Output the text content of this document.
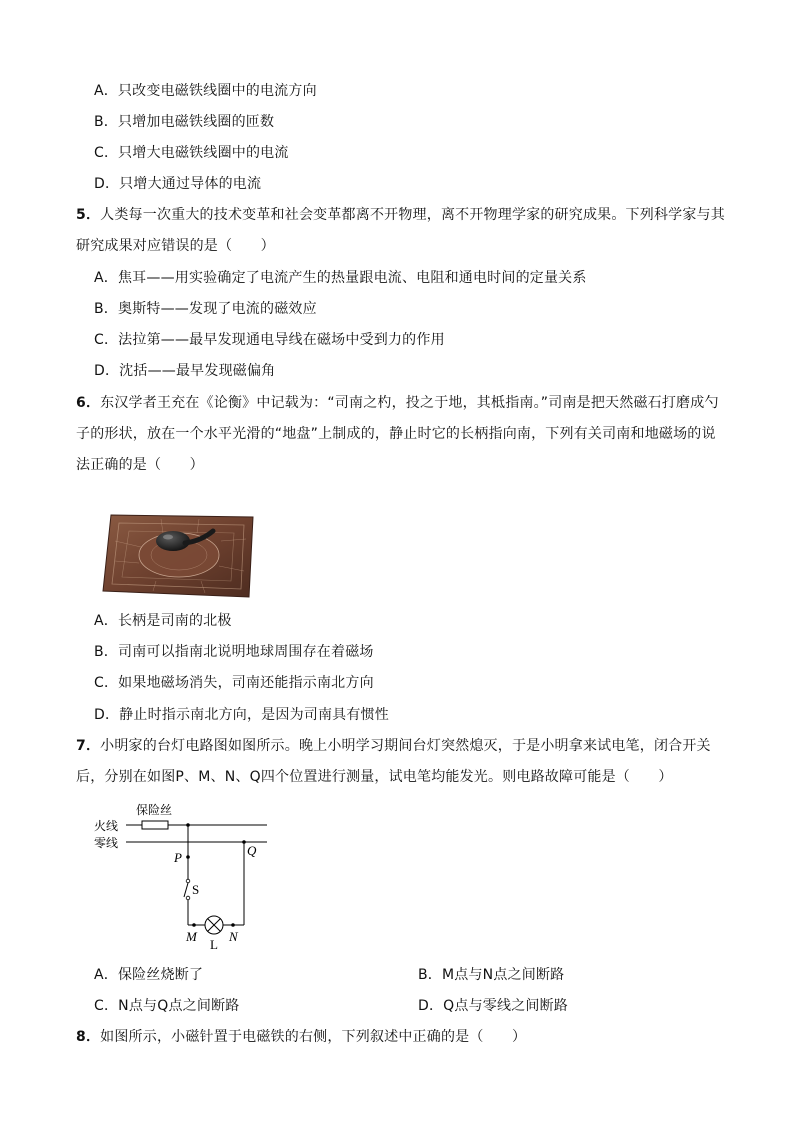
A．只改变电磁铁线圈中的电流方向
B．只增加电磁铁线圈的匝数
C．只增大电磁铁线圈中的电流
D．只增大通过导体的电流
5．人类每一次重大的技术变革和社会变革都离不开物理，离不开物理学家的研究成果。下列科学家与其
研究成果对应错误的是（　　）
A．焦耳——用实验确定了电流产生的热量跟电流、电阻和通电时间的定量关系
B．奥斯特——发现了电流的磁效应
C．法拉第——最早发现通电导线在磁场中受到力的作用
D．沈括——最早发现磁偏角
6．东汉学者王充在《论衡》中记载为：“司南之杓，投之于地，其柢指南。”司南是把天然磁石打磨成勺
子的形状，放在一个水平光滑的“地盘”上制成的，静止时它的长柄指向南，下列有关司南和地磁场的说
法正确的是（　　）
A．长柄是司南的北极
B．司南可以指南北说明地球周围存在着磁场
C．如果地磁场消失，司南还能指示南北方向
D．静止时指示南北方向，是因为司南具有惯性
7．小明家的台灯电路图如图所示。晚上小明学习期间台灯突然熄灭，于是小明拿来试电笔，闭合开关
后，分别在如图P、M、N、Q四个位置进行测量，试电笔均能发光。则电路故障可能是（　　）
保险丝
火线
零线
P
S
M N
L
Q
A．保险丝烧断了	B．M点与N点之间断路
C．N点与Q点之间断路	D．Q点与零线之间断路
8．如图所示，小磁针置于电磁铁的右侧，下列叙述中正确的是（　　）
